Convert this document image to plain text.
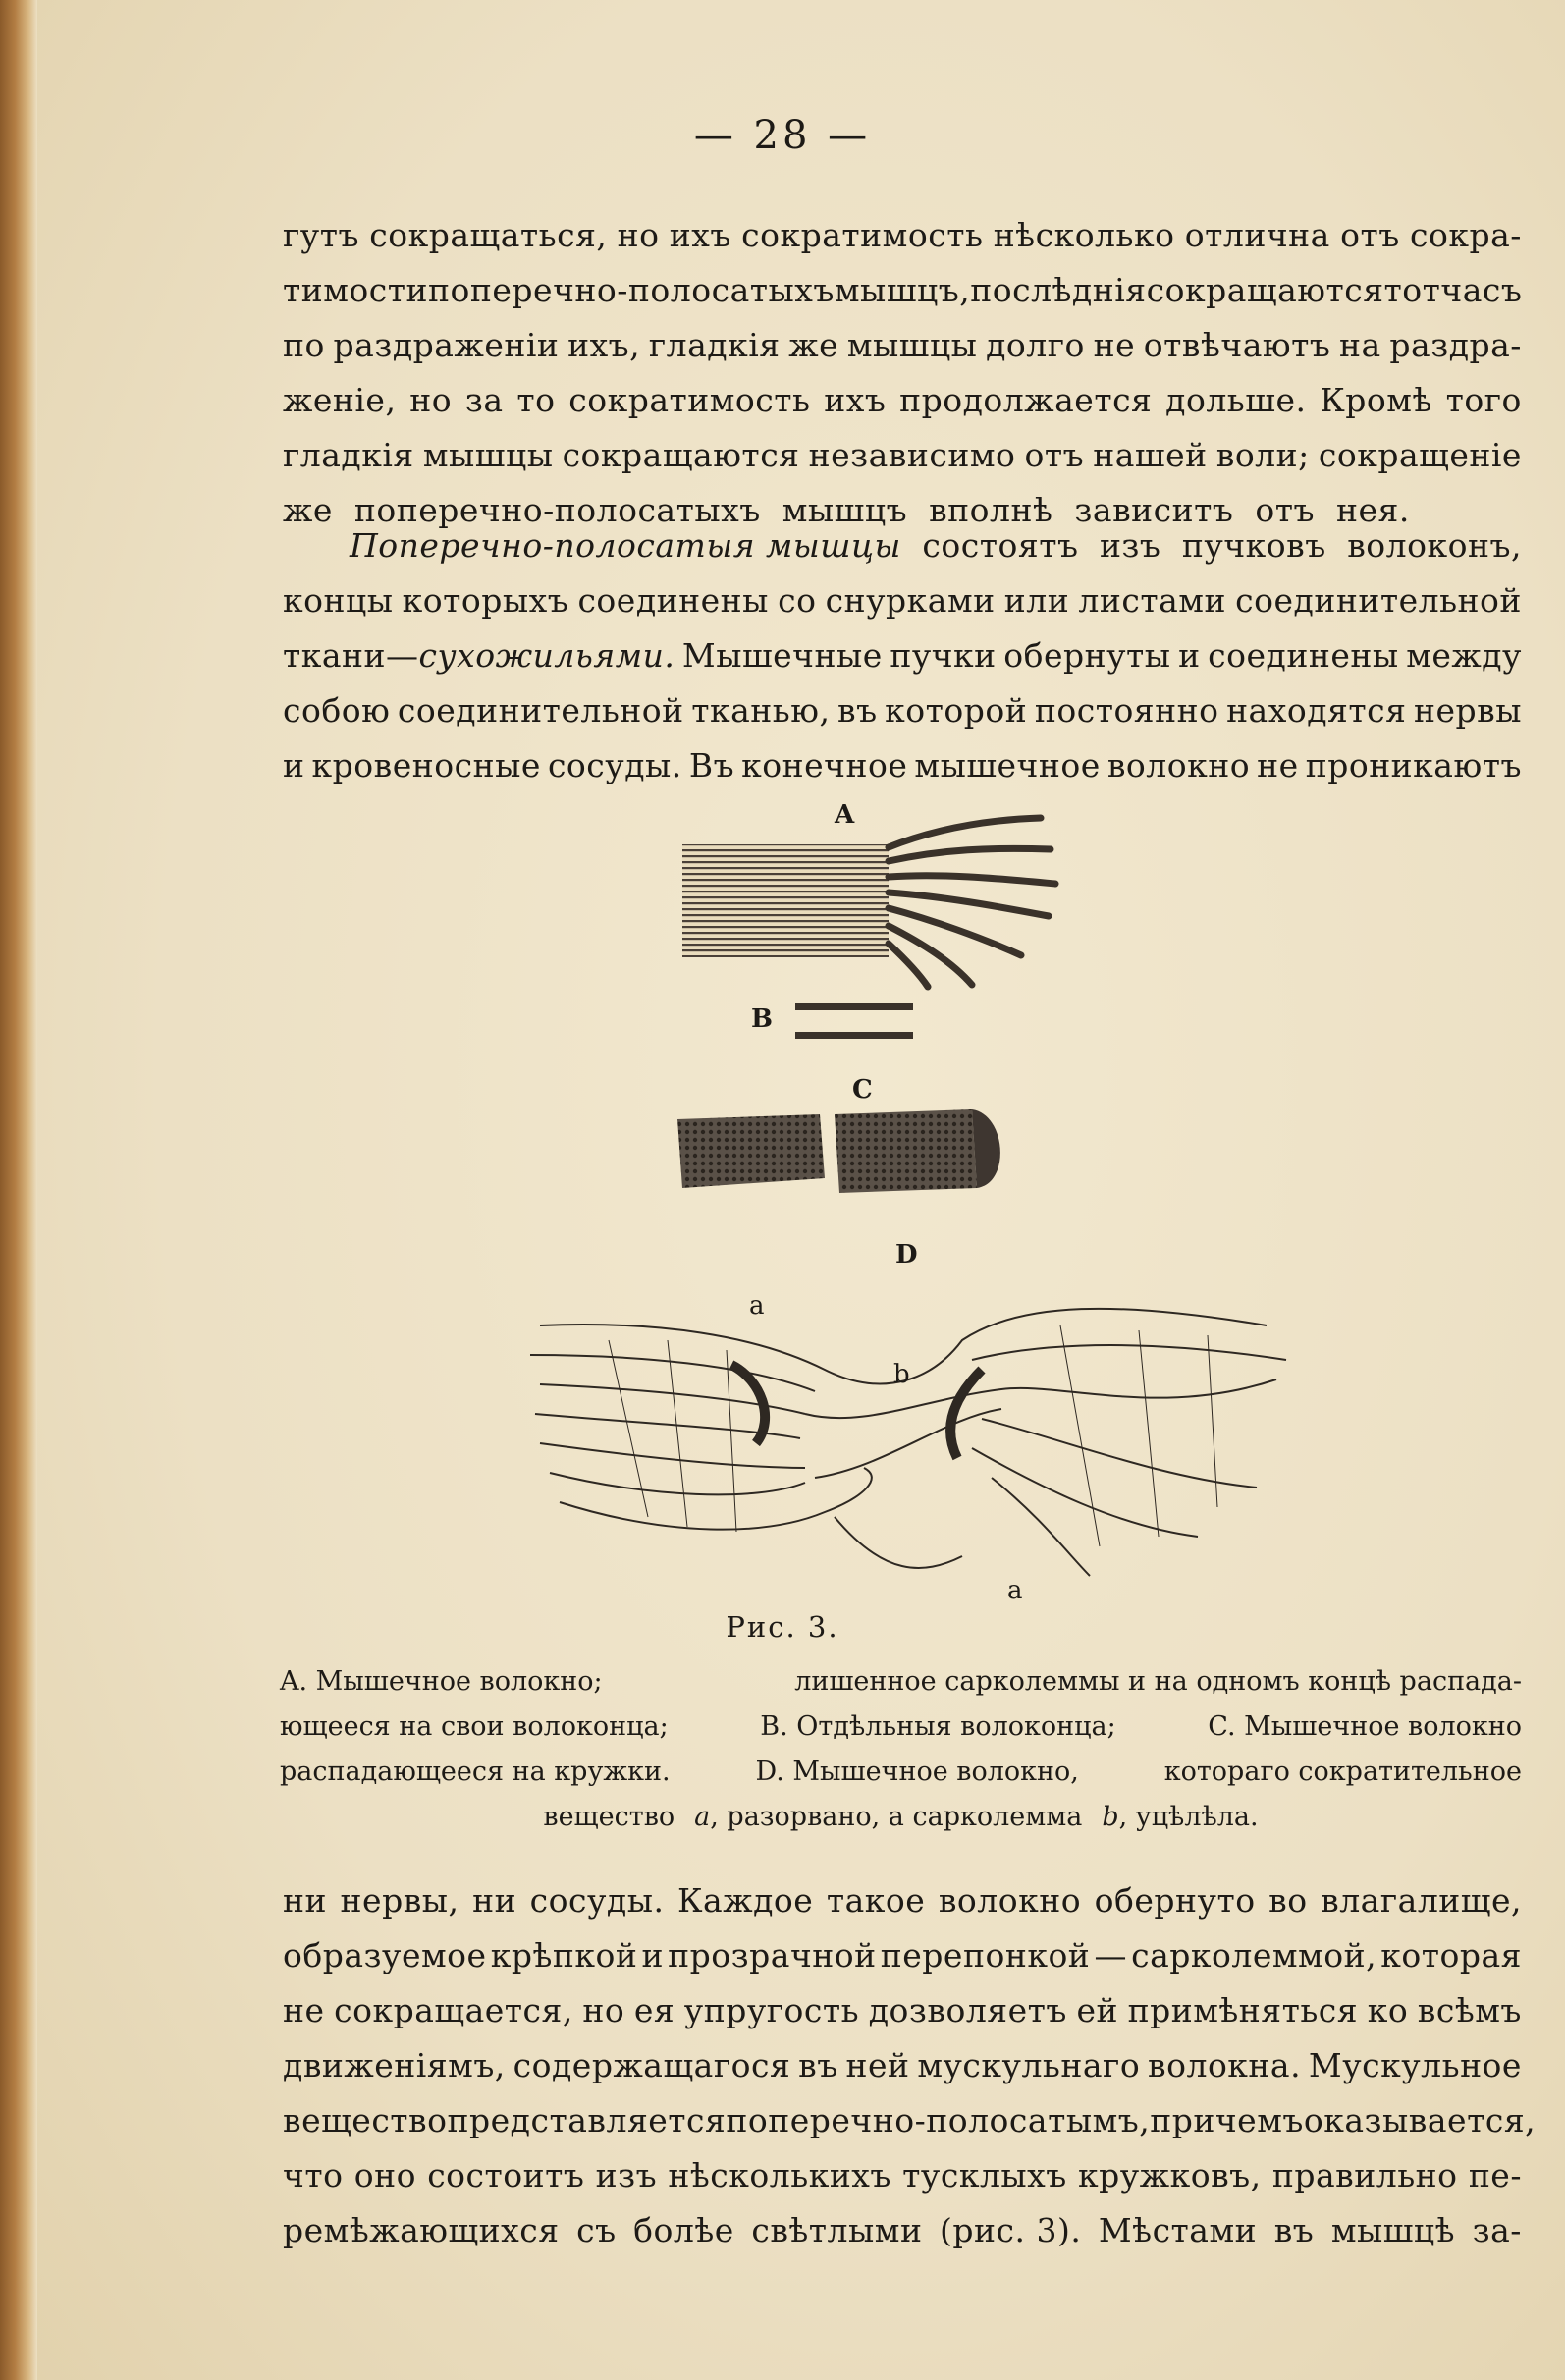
— 28 —
гутъ сокращаться, но ихъ сократимость нѣсколько отлична отъ сокра-
тимости поперечно-полосатыхъ мышцъ, послѣднія сокращаются тотчасъ
по раздраженіи ихъ, гладкія же мышцы долго не отвѣчаютъ на раздра-
женіе, но за то сократимость ихъ продолжается дольше. Кромѣ того
гладкія мышцы сокращаются независимо отъ нашей воли; сокращеніе
же поперечно-полосатыхъ мышцъ вполнѣ зависитъ отъ нея.
Поперечно-полосатыя мышцы состоятъ изъ пучковъ волоконъ,
концы которыхъ соединены со снурками или листами соединительной
ткани—сухожильями. Мышечные пучки обернуты и соединены между
собою соединительной тканью, въ которой постоянно находятся нервы
и кровеносные сосуды. Въ конечное мышечное волокно не проникаютъ
A
B
C
D
a
b
a
Рис. 3.
A. Мышечное волокно;	лишенное сарколеммы и на одномъ концѣ распада-
ющееся на свои волоконца;	B. Отдѣльныя волоконца;	C. Мышечное волокно
распадающееся на кружки.	D. Мышечное волокно,	котораго сократительное
вещество a, разорвано, а сарколемма b, уцѣлѣла.
ни нервы, ни сосуды. Каждое такое волокно обернуто во влагалище,
образуемое крѣпкой и прозрачной перепонкой — сарколеммой, которая
не сокращается, но ея упругость дозволяетъ ей примѣняться ко всѣмъ
движеніямъ, содержащагося въ ней мускульнаго волокна. Мускульное
вещество представляется поперечно-полосатымъ, причемъ оказывается,
что оно состоитъ изъ нѣсколькихъ тусклыхъ кружковъ, правильно пе-
ремѣжающихся съ болѣе свѣтлыми (рис. 3). Мѣстами въ мышцѣ за-
